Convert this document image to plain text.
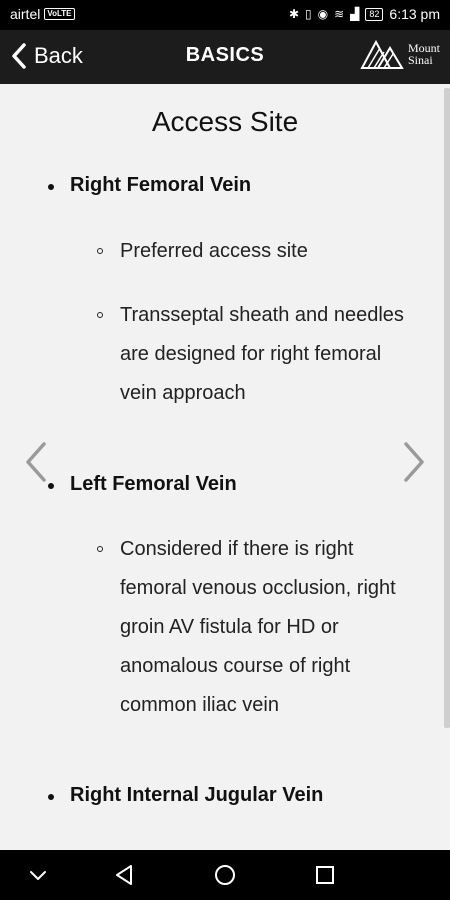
airtel VoLTE	✱ ▯ ◉ ≋ ▟	82 6:13 pm
Back	BASICS	Mount
Sinai
Access Site
Right Femoral Vein
Preferred access site
Transseptal sheath and needles are designed for right femoral vein approach
Left Femoral Vein
Considered if there is right femoral venous occlusion, right groin AV fistula for HD or anomalous course of right common iliac vein
Right Internal Jugular Vein
